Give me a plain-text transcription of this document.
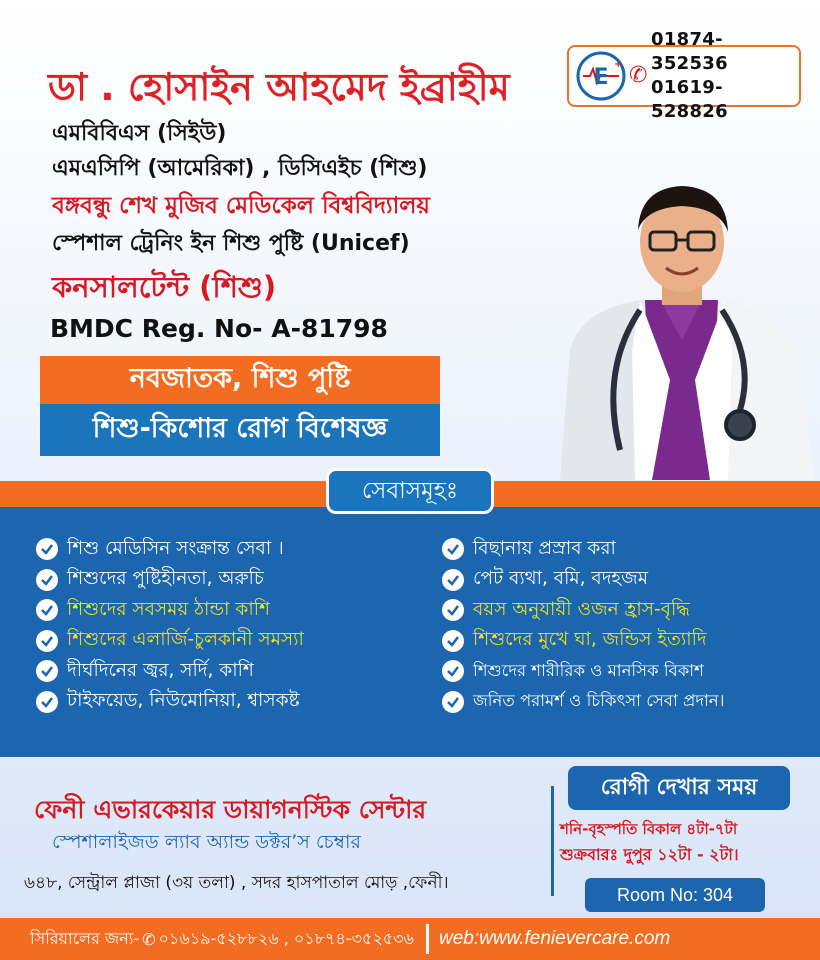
ডা . হোসাইন আহমেদ ইব্রাহীম
এমবিবিএস (সিইউ)
এমএসিপি (আমেরিকা) , ডিসিএইচ (শিশু)
বঙ্গবন্ধু শেখ মুজিব মেডিকেল বিশ্ববিদ্যালয়
স্পেশাল ট্রেনিং ইন শিশু পুষ্টি (Unicef)
কনসালটেন্ট (শিশু)
BMDC Reg. No- A-81798
E
+ ✆
01874-352536
01619-528826
নবজাতক, শিশু পুষ্টি
শিশু-কিশোর রোগ বিশেষজ্ঞ
সেবাসমূহঃ
শিশু মেডিসিন সংক্রান্ত সেবা ।
শিশুদের পুষ্টিহীনতা, অরুচি
শিশুদের সবসময় ঠান্ডা কাশি
শিশুদের এলার্জি-চুলকানী সমস্যা
দীর্ঘদিনের জ্বর, সর্দি, কাশি
টাইফয়েড, নিউমোনিয়া, শ্বাসকষ্ট
বিছানায় প্রস্রাব করা
পেট ব্যথা, বমি, বদহজম
বয়স অনুযায়ী ওজন হ্রাস-বৃদ্ধি
শিশুদের মুখে ঘা, জন্ডিস ইত্যাদি
শিশুদের শারীরিক ও মানসিক বিকাশ
জনিত পরামর্শ ও চিকিৎসা সেবা প্রদান।
ফেনী এভারকেয়ার ডায়াগনস্টিক সেন্টার
স্পেশালাইজড ল্যাব অ্যান্ড ডক্টর’স চেম্বার
৬৪৮, সেন্ট্রাল প্লাজা (৩য় তলা) , সদর হাসপাতাল মোড় ,ফেনী।
রোগী দেখার সময়
শনি-বৃহস্পতি বিকাল ৪টা-৭টা
শুক্রবারঃ দুপুর ১২টা - ২টা।
Room No: 304
সিরিয়ালের জন্য- ✆ ০১৬১৯-৫২৮৮২৬ , ০১৮৭৪-৩৫২৫৩৬ web:www.fenievercare.com
